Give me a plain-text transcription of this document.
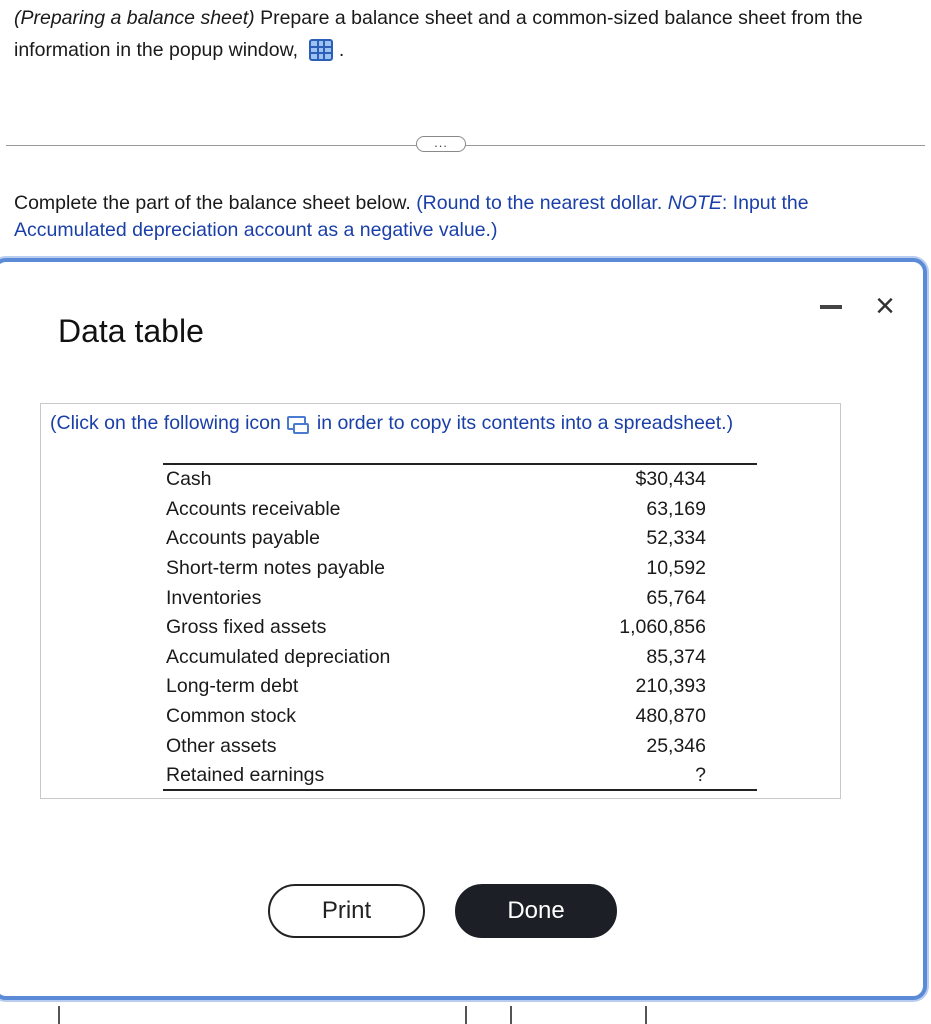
(Preparing a balance sheet) Prepare a balance sheet and a common-sized balance sheet from the information in the popup window,  .
...
Complete the part of the balance sheet below. (Round to the nearest dollar. NOTE: Input the Accumulated depreciation account as a negative value.)
Data table
×
(Click on the following icon in order to copy its contents into a spreadsheet.)
Cash	$30,434
Accounts receivable	63,169
Accounts payable	52,334
Short-term notes payable	10,592
Inventories	65,764
Gross fixed assets	1,060,856
Accumulated depreciation	85,374
Long-term debt	210,393
Common stock	480,870
Other assets	25,346
Retained earnings	?
Print	Done
